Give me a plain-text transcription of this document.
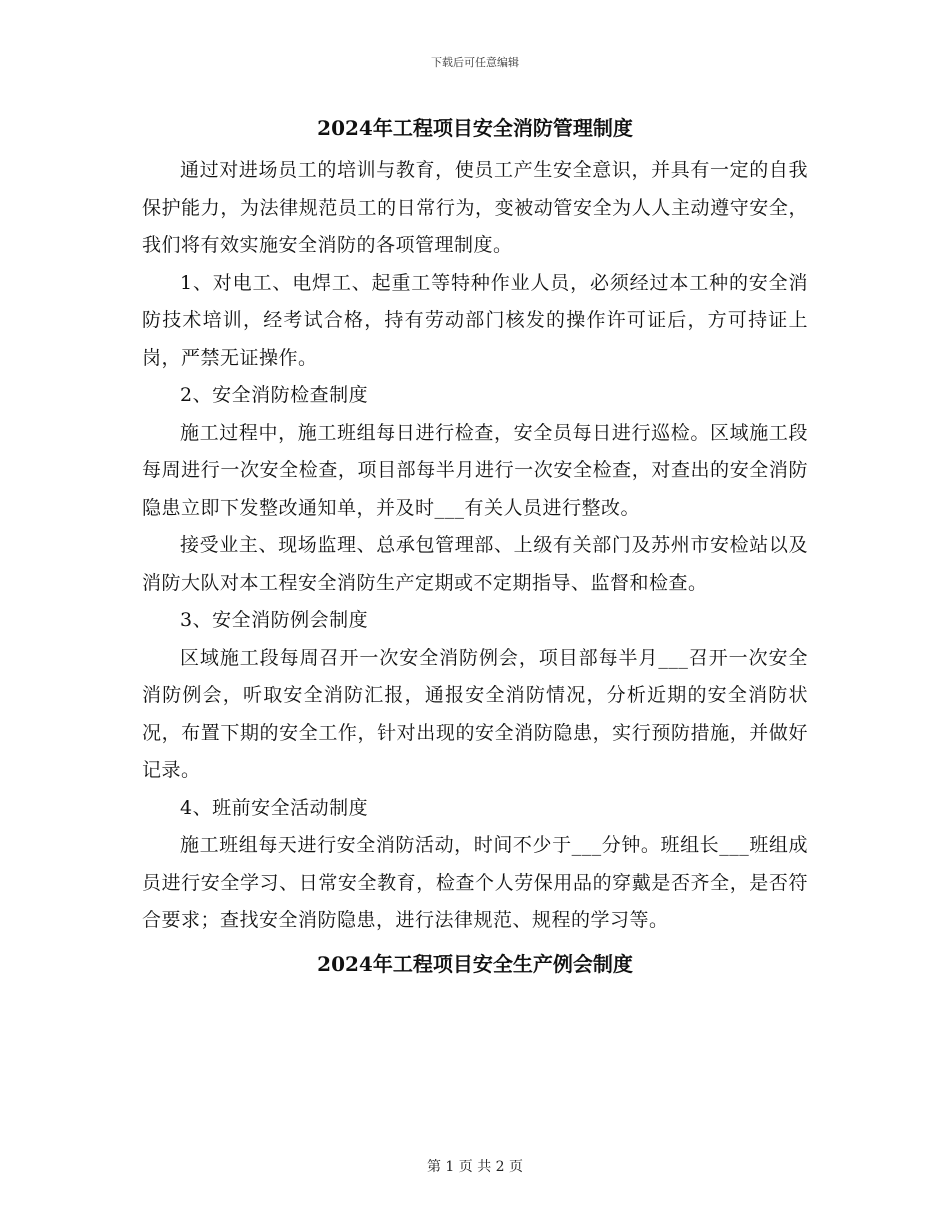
下载后可任意编辑
2024年工程项目安全消防管理制度

通过对进场员工的培训与教育，使员工产生安全意识，并具有一定的自我保护能力，为法律规范员工的日常行为，变被动管安全为人人主动遵守安全，我们将有效实施安全消防的各项管理制度。

1、对电工、电焊工、起重工等特种作业人员，必须经过本工种的安全消防技术培训，经考试合格，持有劳动部门核发的操作许可证后，方可持证上岗，严禁无证操作。

2、安全消防检查制度

施工过程中，施工班组每日进行检查，安全员每日进行巡检。区域施工段每周进行一次安全检查，项目部每半月进行一次安全检查，对查出的安全消防隐患立即下发整改通知单，并及时___有关人员进行整改。

接受业主、现场监理、总承包管理部、上级有关部门及苏州市安检站以及消防大队对本工程安全消防生产定期或不定期指导、监督和检查。

3、安全消防例会制度

区域施工段每周召开一次安全消防例会，项目部每半月___召开一次安全消防例会，听取安全消防汇报，通报安全消防情况，分析近期的安全消防状况，布置下期的安全工作，针对出现的安全消防隐患，实行预防措施，并做好记录。

4、班前安全活动制度

施工班组每天进行安全消防活动，时间不少于___分钟。班组长___班组成员进行安全学习、日常安全教育，检查个人劳保用品的穿戴是否齐全，是否符合要求；查找安全消防隐患，进行法律规范、规程的学习等。

2024年工程项目安全生产例会制度
第 1 页 共 2 页
